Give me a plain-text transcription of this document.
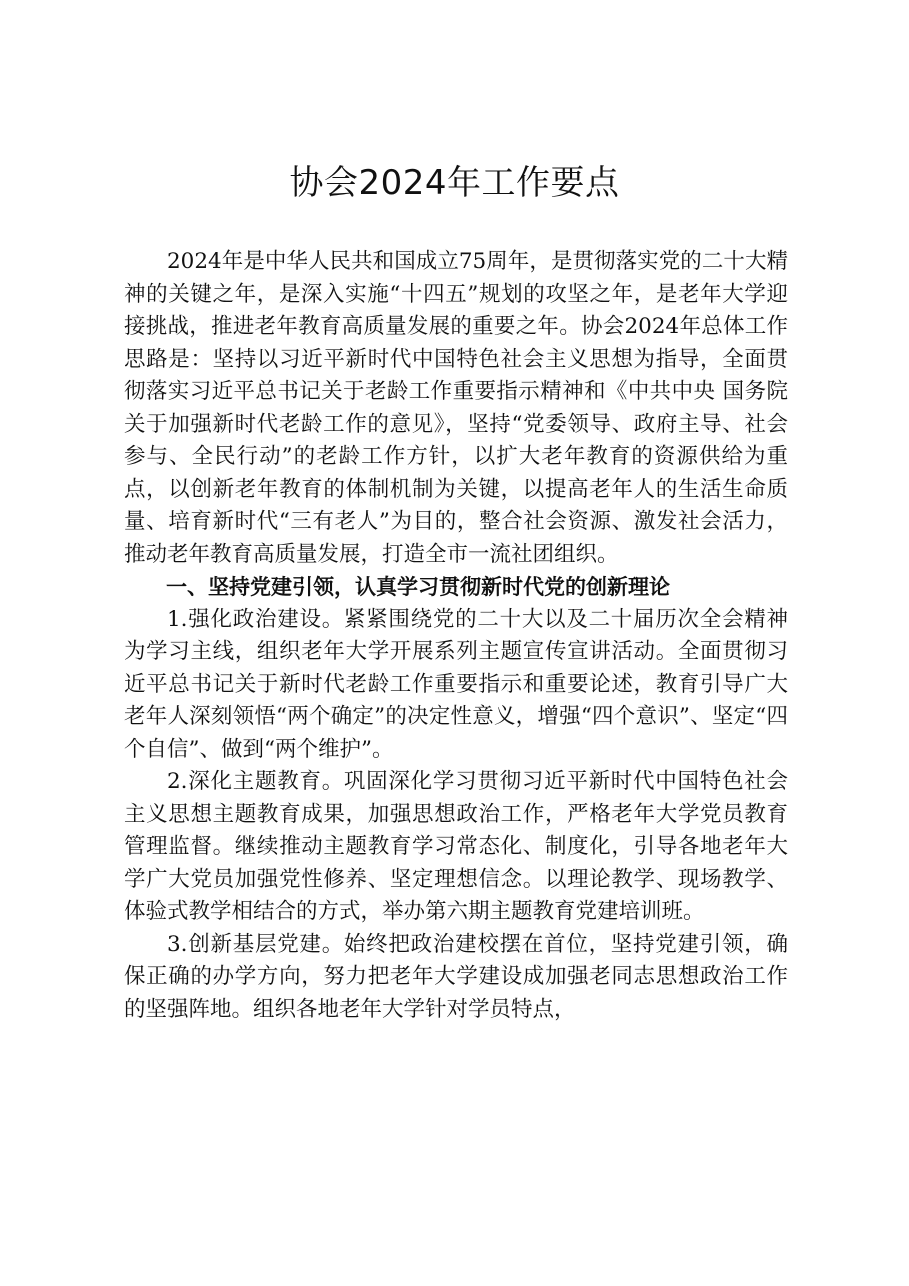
协会2024年工作要点

2024年是中华人民共和国成立75周年，是贯彻落实党的二十大精神的关键之年，是深入实施“十四五”规划的攻坚之年，是老年大学迎接挑战，推进老年教育高质量发展的重要之年。协会2024年总体工作思路是：坚持以习近平新时代中国特色社会主义思想为指导，全面贯彻落实习近平总书记关于老龄工作重要指示精神和《中共中央 国务院关于加强新时代老龄工作的意见》，坚持“党委领导、政府主导、社会参与、全民行动”的老龄工作方针，以扩大老年教育的资源供给为重点，以创新老年教育的体制机制为关键，以提高老年人的生活生命质量、培育新时代“三有老人”为目的，整合社会资源、激发社会活力，推动老年教育高质量发展，打造全市一流社团组织。

一、坚持党建引领，认真学习贯彻新时代党的创新理论

1.强化政治建设。紧紧围绕党的二十大以及二十届历次全会精神为学习主线，组织老年大学开展系列主题宣传宣讲活动。全面贯彻习近平总书记关于新时代老龄工作重要指示和重要论述，教育引导广大老年人深刻领悟“两个确定”的决定性意义，增强“四个意识”、坚定“四个自信”、做到“两个维护”。

2.深化主题教育。巩固深化学习贯彻习近平新时代中国特色社会主义思想主题教育成果，加强思想政治工作，严格老年大学党员教育管理监督。继续推动主题教育学习常态化、制度化，引导各地老年大学广大党员加强党性修养、坚定理想信念。以理论教学、现场教学、体验式教学相结合的方式，举办第六期主题教育党建培训班。

3.创新基层党建。始终把政治建校摆在首位，坚持党建引领，确保正确的办学方向，努力把老年大学建设成加强老同志思想政治工作的坚强阵地。组织各地老年大学针对学员特点，
